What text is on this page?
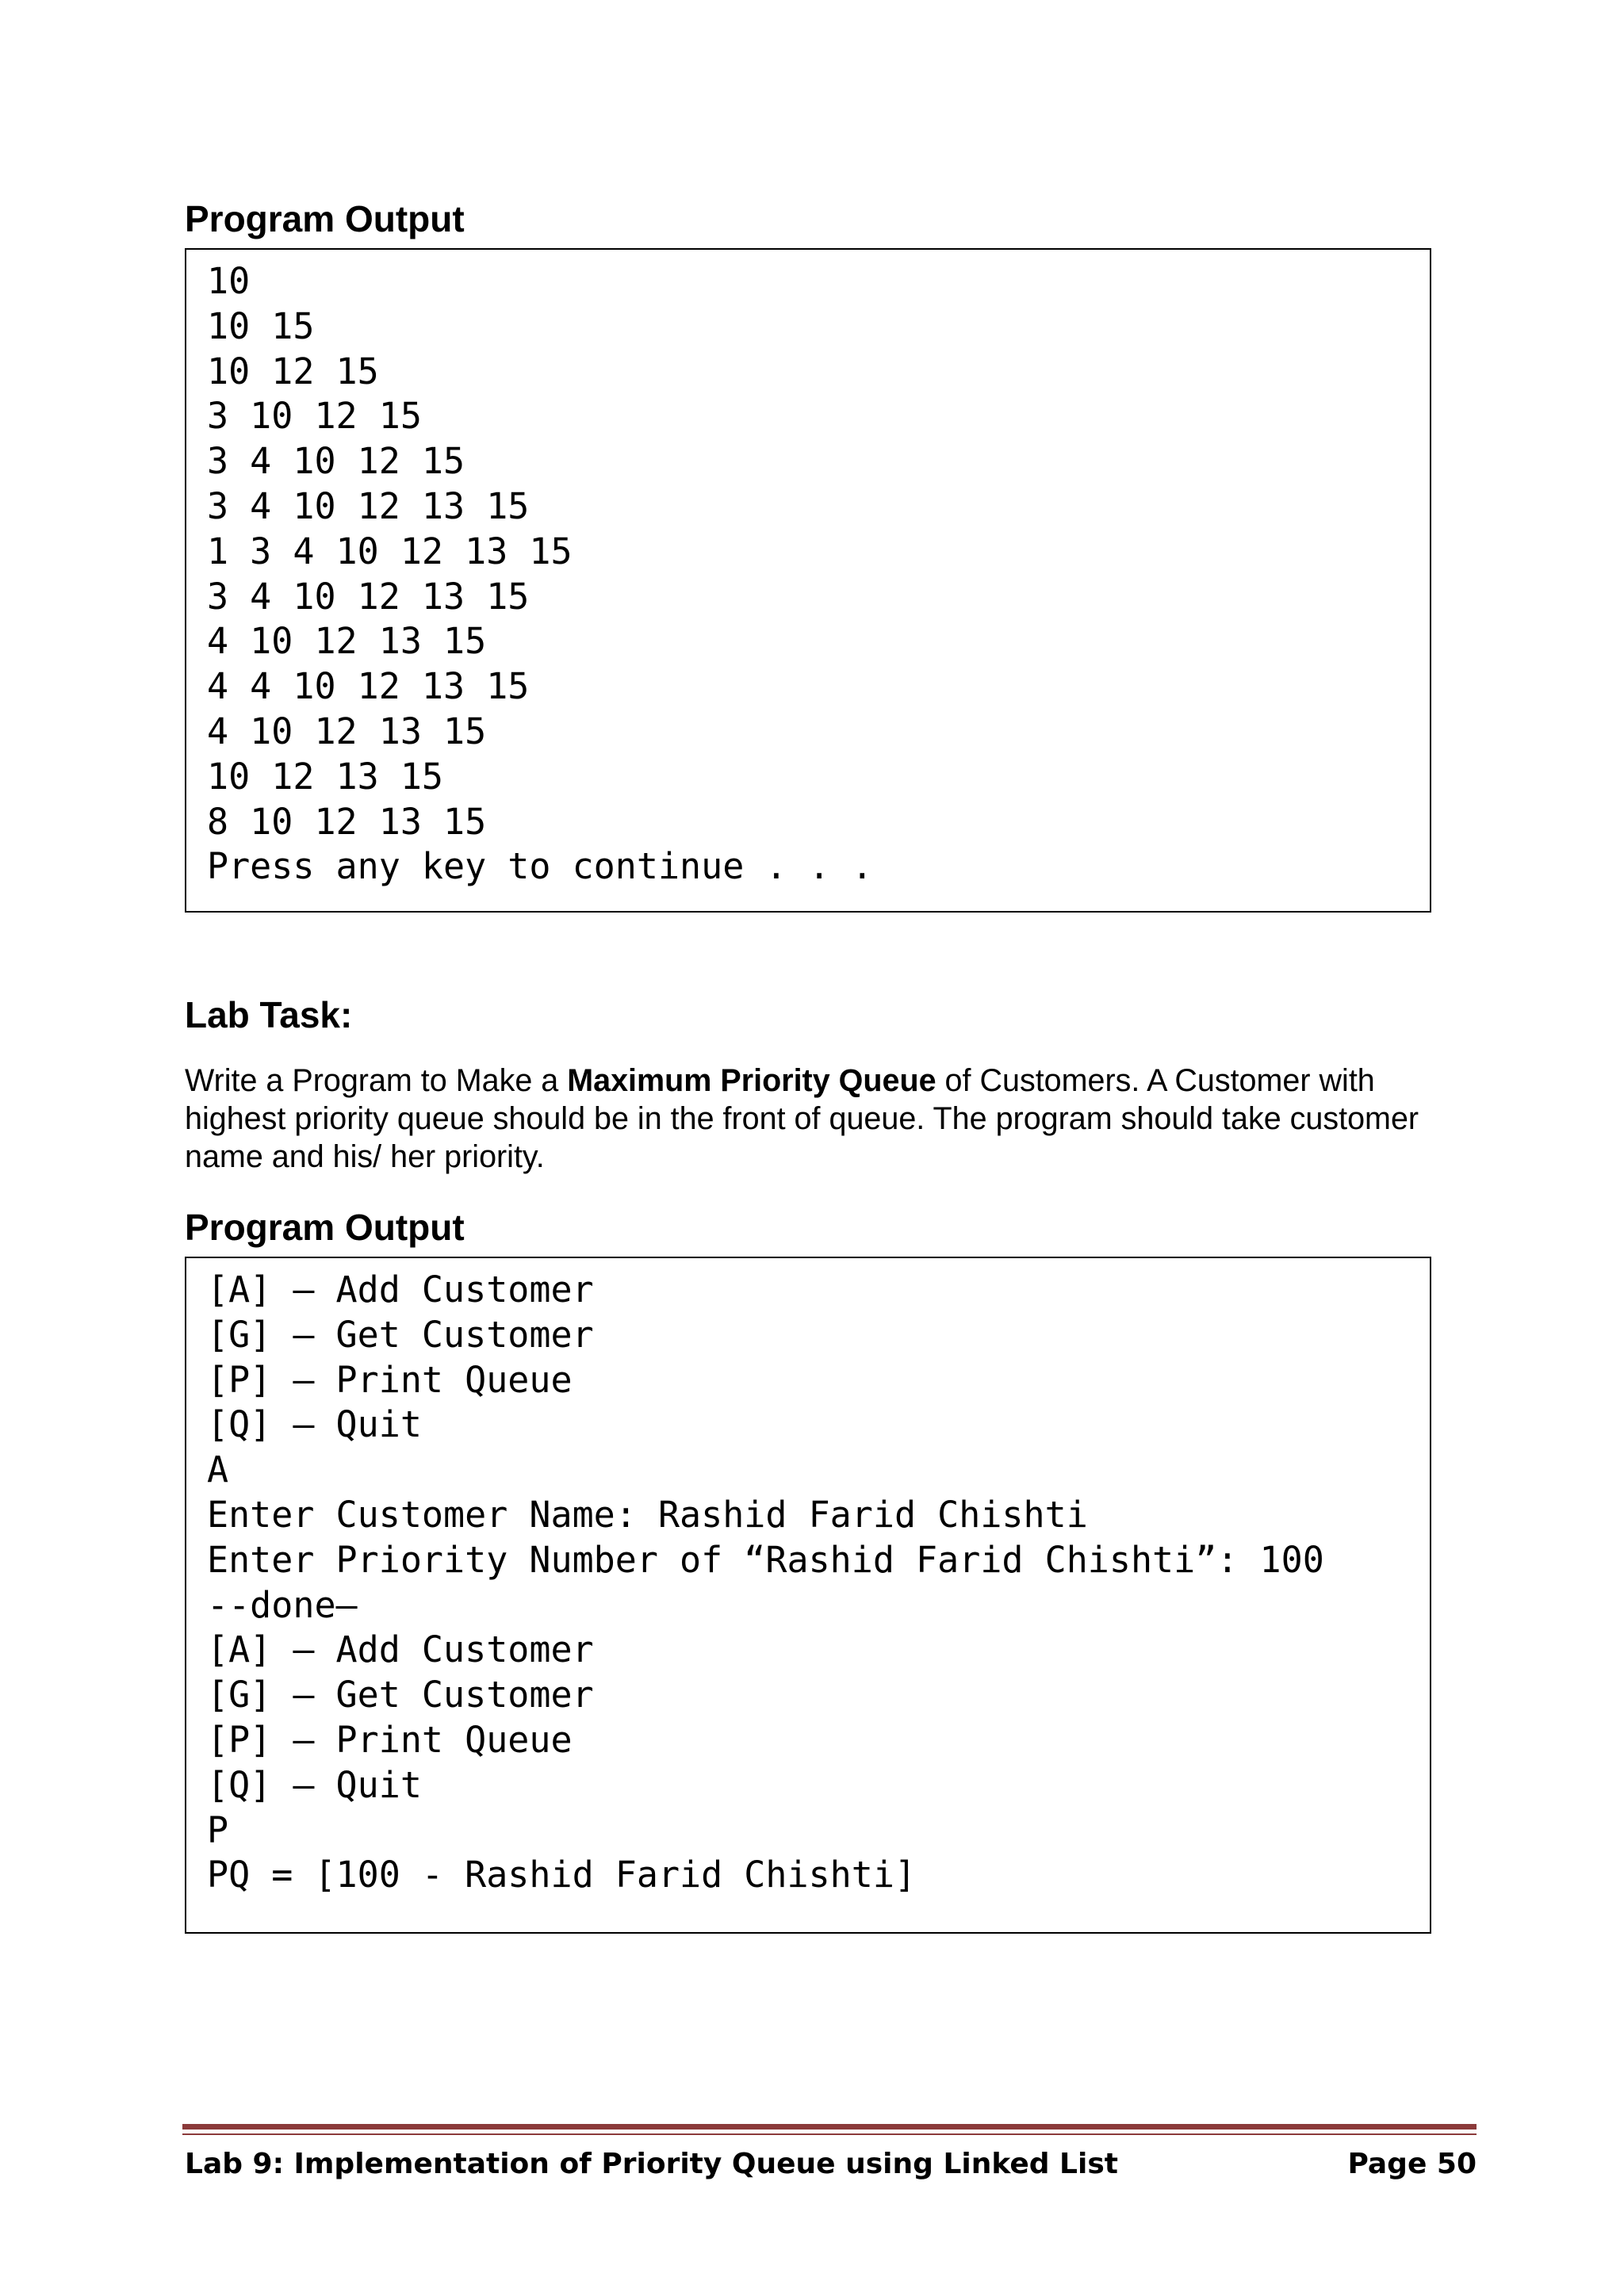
Program Output
10
10 15
10 12 15
3 10 12 15
3 4 10 12 15
3 4 10 12 13 15
1 3 4 10 12 13 15
3 4 10 12 13 15
4 10 12 13 15
4 4 10 12 13 15
4 10 12 13 15
10 12 13 15
8 10 12 13 15
Press any key to continue . . .
Lab Task:

Write a Program to Make a Maximum Priority Queue of Customers. A Customer with highest priority queue should be in the front of queue. The program should take customer name and his/ her priority.

Program Output
[A] – Add Customer
[G] – Get Customer
[P] – Print Queue
[Q] – Quit
A
Enter Customer Name: Rashid Farid Chishti
Enter Priority Number of “Rashid Farid Chishti”: 100
--done—
[A] – Add Customer
[G] – Get Customer
[P] – Print Queue
[Q] – Quit
P
PQ = [100 - Rashid Farid Chishti]
Lab 9: Implementation of Priority Queue using Linked List	Page 50
